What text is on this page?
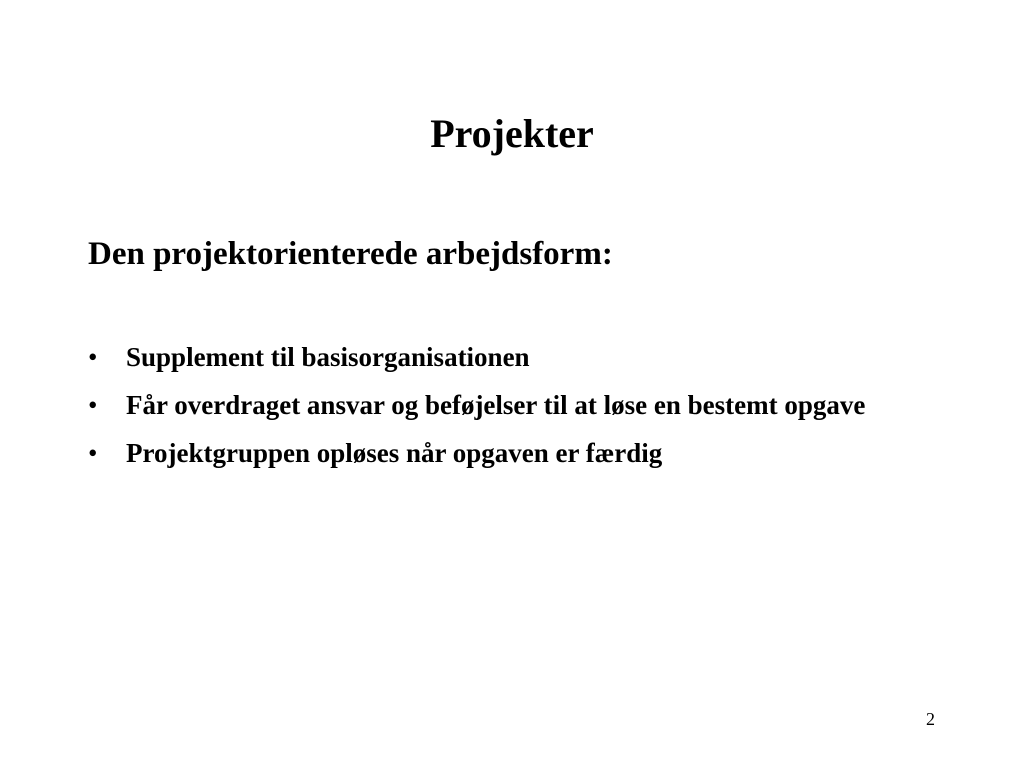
Projekter
Den projektorienterede arbejdsform:
• Supplement til basisorganisationen
• Får overdraget ansvar og beføjelser til at løse en bestemt opgave
• Projektgruppen opløses når opgaven er færdig
2
